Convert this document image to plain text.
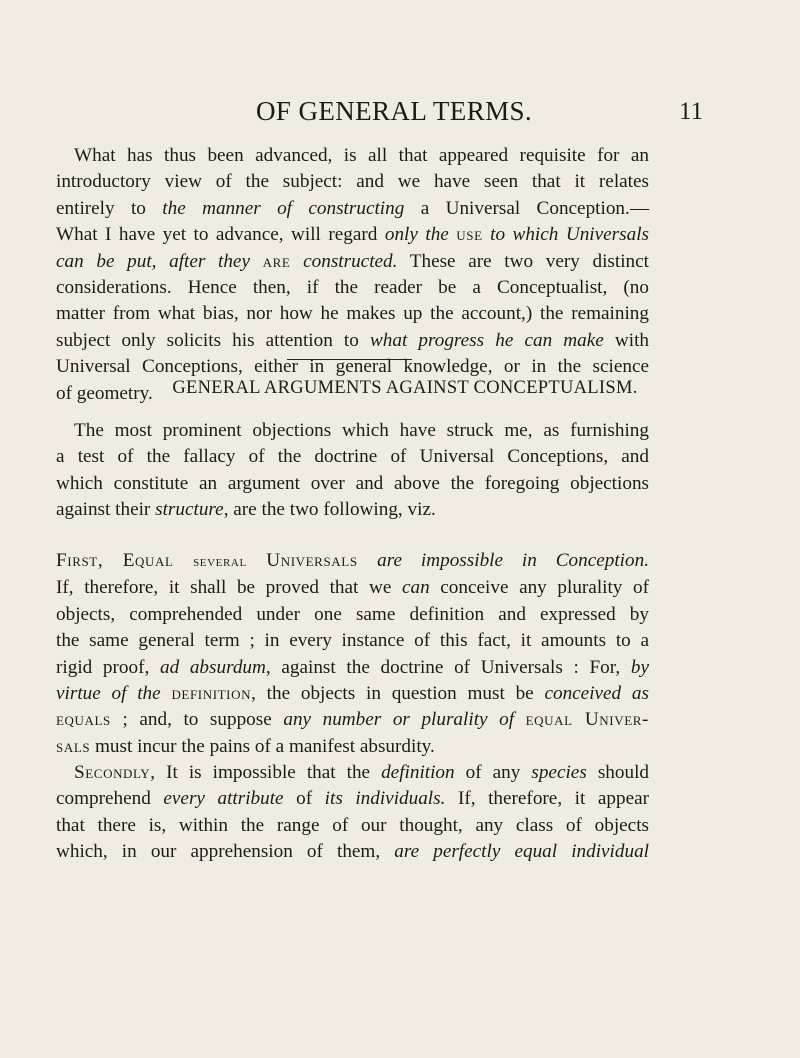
OF GENERAL TERMS.	11
What has thus been advanced, is all that appeared requisite for an
introductory view of the subject: and we have seen that it relates
entirely to the manner of constructing a Universal Conception.—
What I have yet to advance, will regard only the use to which Universals
can be put, after they are constructed. These are two very distinct
considerations. Hence then, if the reader be a Conceptualist, (no
matter from what bias, nor how he makes up the account,) the remaining
subject only solicits his attention to what progress he can make with
Universal Conceptions, either in general knowledge, or in the science
of geometry.	GENERAL ARGUMENTS AGAINST CONCEPTUALISM.
The most prominent objections which have struck me, as furnishing
a test of the fallacy of the doctrine of Universal Conceptions, and
which constitute an argument over and above the foregoing objections
against their structure, are the two following, viz.
First, Equal several Universals are impossible in Conception.
If, therefore, it shall be proved that we can conceive any plurality of
objects, comprehended under one same definition and expressed by
the same general term ; in every instance of this fact, it amounts to a
rigid proof, ad absurdum, against the doctrine of Universals : For, by
virtue of the definition, the objects in question must be conceived as
equals ; and, to suppose any number or plurality of equal Univer-
sals must incur the pains of a manifest absurdity.
Secondly, It is impossible that the definition of any species should
comprehend every attribute of its individuals. If, therefore, it appear
that there is, within the range of our thought, any class of objects
which, in our apprehension of them, are perfectly equal individual
